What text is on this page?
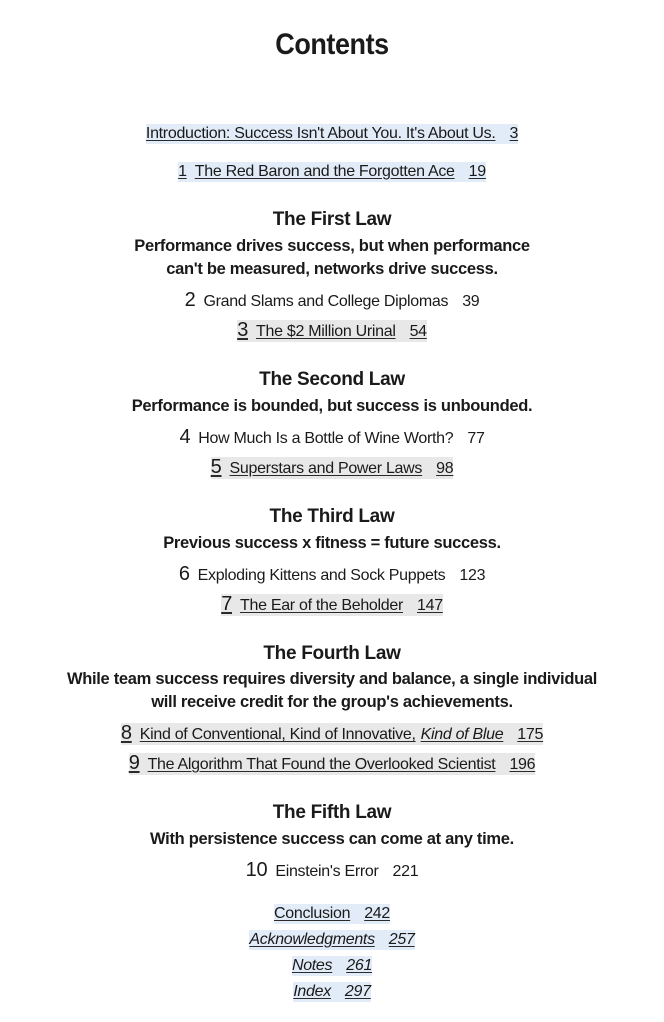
Contents
Introduction: Success Isn't About You. It's About Us. 3
1 The Red Baron and the Forgotten Ace 19
The First Law
Performance drives success, but when performance
can't be measured, networks drive success.
2 Grand Slams and College Diplomas 39
3 The $2 Million Urinal 54
The Second Law
Performance is bounded, but success is unbounded.
4 How Much Is a Bottle of Wine Worth? 77
5 Superstars and Power Laws 98
The Third Law
Previous success x fitness = future success.
6 Exploding Kittens and Sock Puppets 123
7 The Ear of the Beholder 147
The Fourth Law
While team success requires diversity and balance, a single individual
will receive credit for the group's achievements.
8 Kind of Conventional, Kind of Innovative, Kind of Blue 175
9 The Algorithm That Found the Overlooked Scientist 196
The Fifth Law
With persistence success can come at any time.
10 Einstein's Error 221
Conclusion 242
Acknowledgments 257
Notes 261
Index 297
